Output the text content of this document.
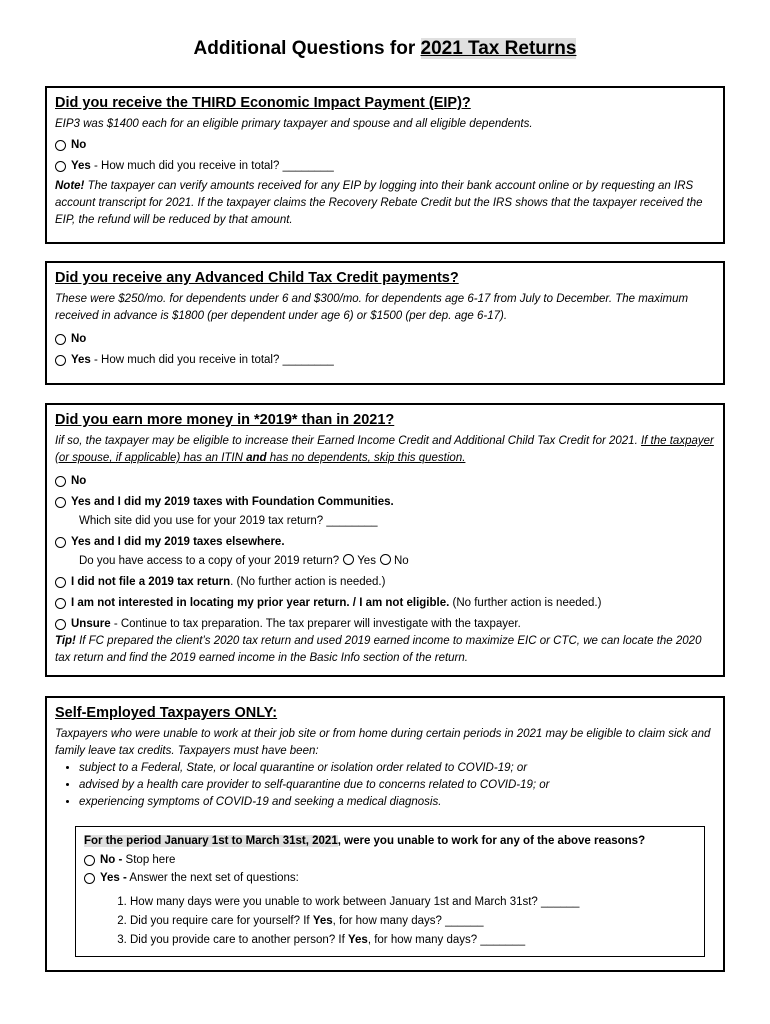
Additional Questions for 2021 Tax Returns

Did you receive the THIRD Economic Impact Payment (EIP)?

EIP3 was $1400 each for an eligible primary taxpayer and spouse and all eligible dependents.

No
Yes - How much did you receive in total? ________

Note! The taxpayer can verify amounts received for any EIP by logging into their bank account online or by requesting an IRS account transcript for 2021. If the taxpayer claims the Recovery Rebate Credit but the IRS shows that the taxpayer received the EIP, the refund will be reduced by that amount.

Did you receive any Advanced Child Tax Credit payments?

These were $250/mo. for dependents under 6 and $300/mo. for dependents age 6-17 from July to December. The maximum received in advance is $1800 (per dependent under age 6) or $1500 (per dep. age 6-17).

No
Yes - How much did you receive in total? ________

Did you earn more money in *2019* than in 2021?

Iif so, the taxpayer may be eligible to increase their Earned Income Credit and Additional Child Tax Credit for 2021. If the taxpayer (or spouse, if applicable) has an ITIN and has no dependents, skip this question.

No
Yes and I did my 2019 taxes with Foundation Communities.
Which site did you use for your 2019 tax return? ________
Yes and I did my 2019 taxes elsewhere.
Do you have access to a copy of your 2019 return? Yes No
I did not file a 2019 tax return. (No further action is needed.)
I am not interested in locating my prior year return. / I am not eligible. (No further action is needed.)
Unsure - Continue to tax preparation. The tax preparer will investigate with the taxpayer.

Tip! If FC prepared the client’s 2020 tax return and used 2019 earned income to maximize EIC or CTC, we can locate the 2020 tax return and find the 2019 earned income in the Basic Info section of the return.

Self-Employed Taxpayers ONLY:

Taxpayers who were unable to work at their job site or from home during certain periods in 2021 may be eligible to claim sick and family leave tax credits. Taxpayers must have been:

• subject to a Federal, State, or local quarantine or isolation order related to COVID-19; or
• advised by a health care provider to self-quarantine due to concerns related to COVID-19; or
• experiencing symptoms of COVID-19 and seeking a medical diagnosis.
For the period January 1st to March 31st, 2021, were you unable to work for any of the above reasons?
No - Stop here
Yes - Answer the next set of questions:
1. How many days were you unable to work between January 1st and March 31st? ______
2. Did you require care for yourself? If Yes, for how many days? ______
3. Did you provide care to another person? If Yes, for how many days? _______
